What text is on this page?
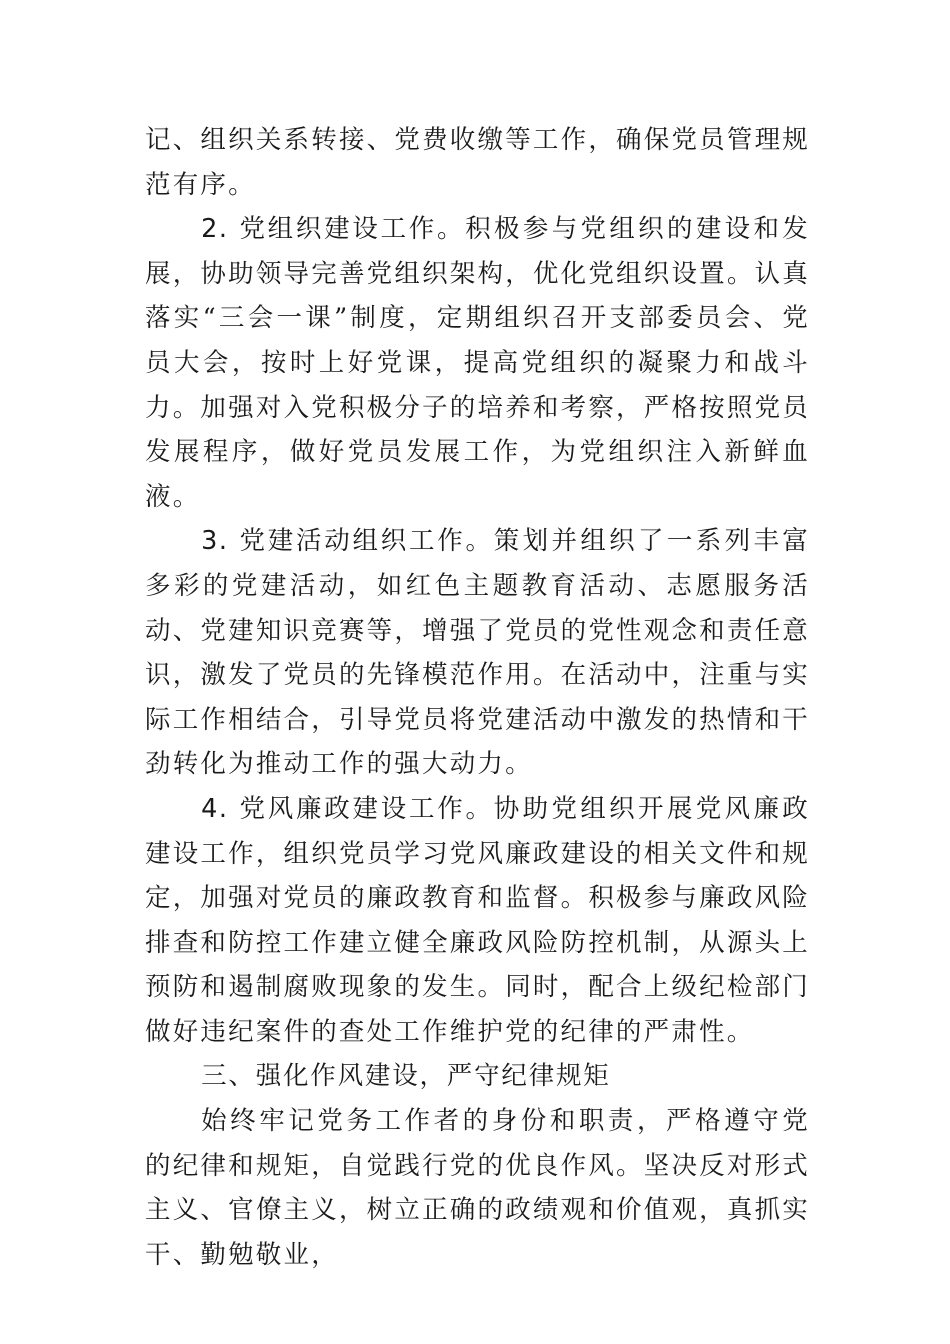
记、组织关系转接、党费收缴等工作，确保党员管理规范有序。

2. 党组织建设工作。积极参与党组织的建设和发展，协助领导完善党组织架构，优化党组织设置。认真落实“三会一课”制度，定期组织召开支部委员会、党员大会，按时上好党课，提高党组织的凝聚力和战斗力。加强对入党积极分子的培养和考察，严格按照党员发展程序，做好党员发展工作，为党组织注入新鲜血液。

3. 党建活动组织工作。策划并组织了一系列丰富多彩的党建活动，如红色主题教育活动、志愿服务活动、党建知识竞赛等，增强了党员的党性观念和责任意识，激发了党员的先锋模范作用。在活动中，注重与实际工作相结合，引导党员将党建活动中激发的热情和干劲转化为推动工作的强大动力。

4. 党风廉政建设工作。协助党组织开展党风廉政建设工作，组织党员学习党风廉政建设的相关文件和规定，加强对党员的廉政教育和监督。积极参与廉政风险排查和防控工作建立健全廉政风险防控机制，从源头上预防和遏制腐败现象的发生。同时，配合上级纪检部门做好违纪案件的查处工作维护党的纪律的严肃性。

三、强化作风建设，严守纪律规矩

始终牢记党务工作者的身份和职责，严格遵守党的纪律和规矩，自觉践行党的优良作风。坚决反对形式主义、官僚主义，树立正确的政绩观和价值观，真抓实干、勤勉敬业，
